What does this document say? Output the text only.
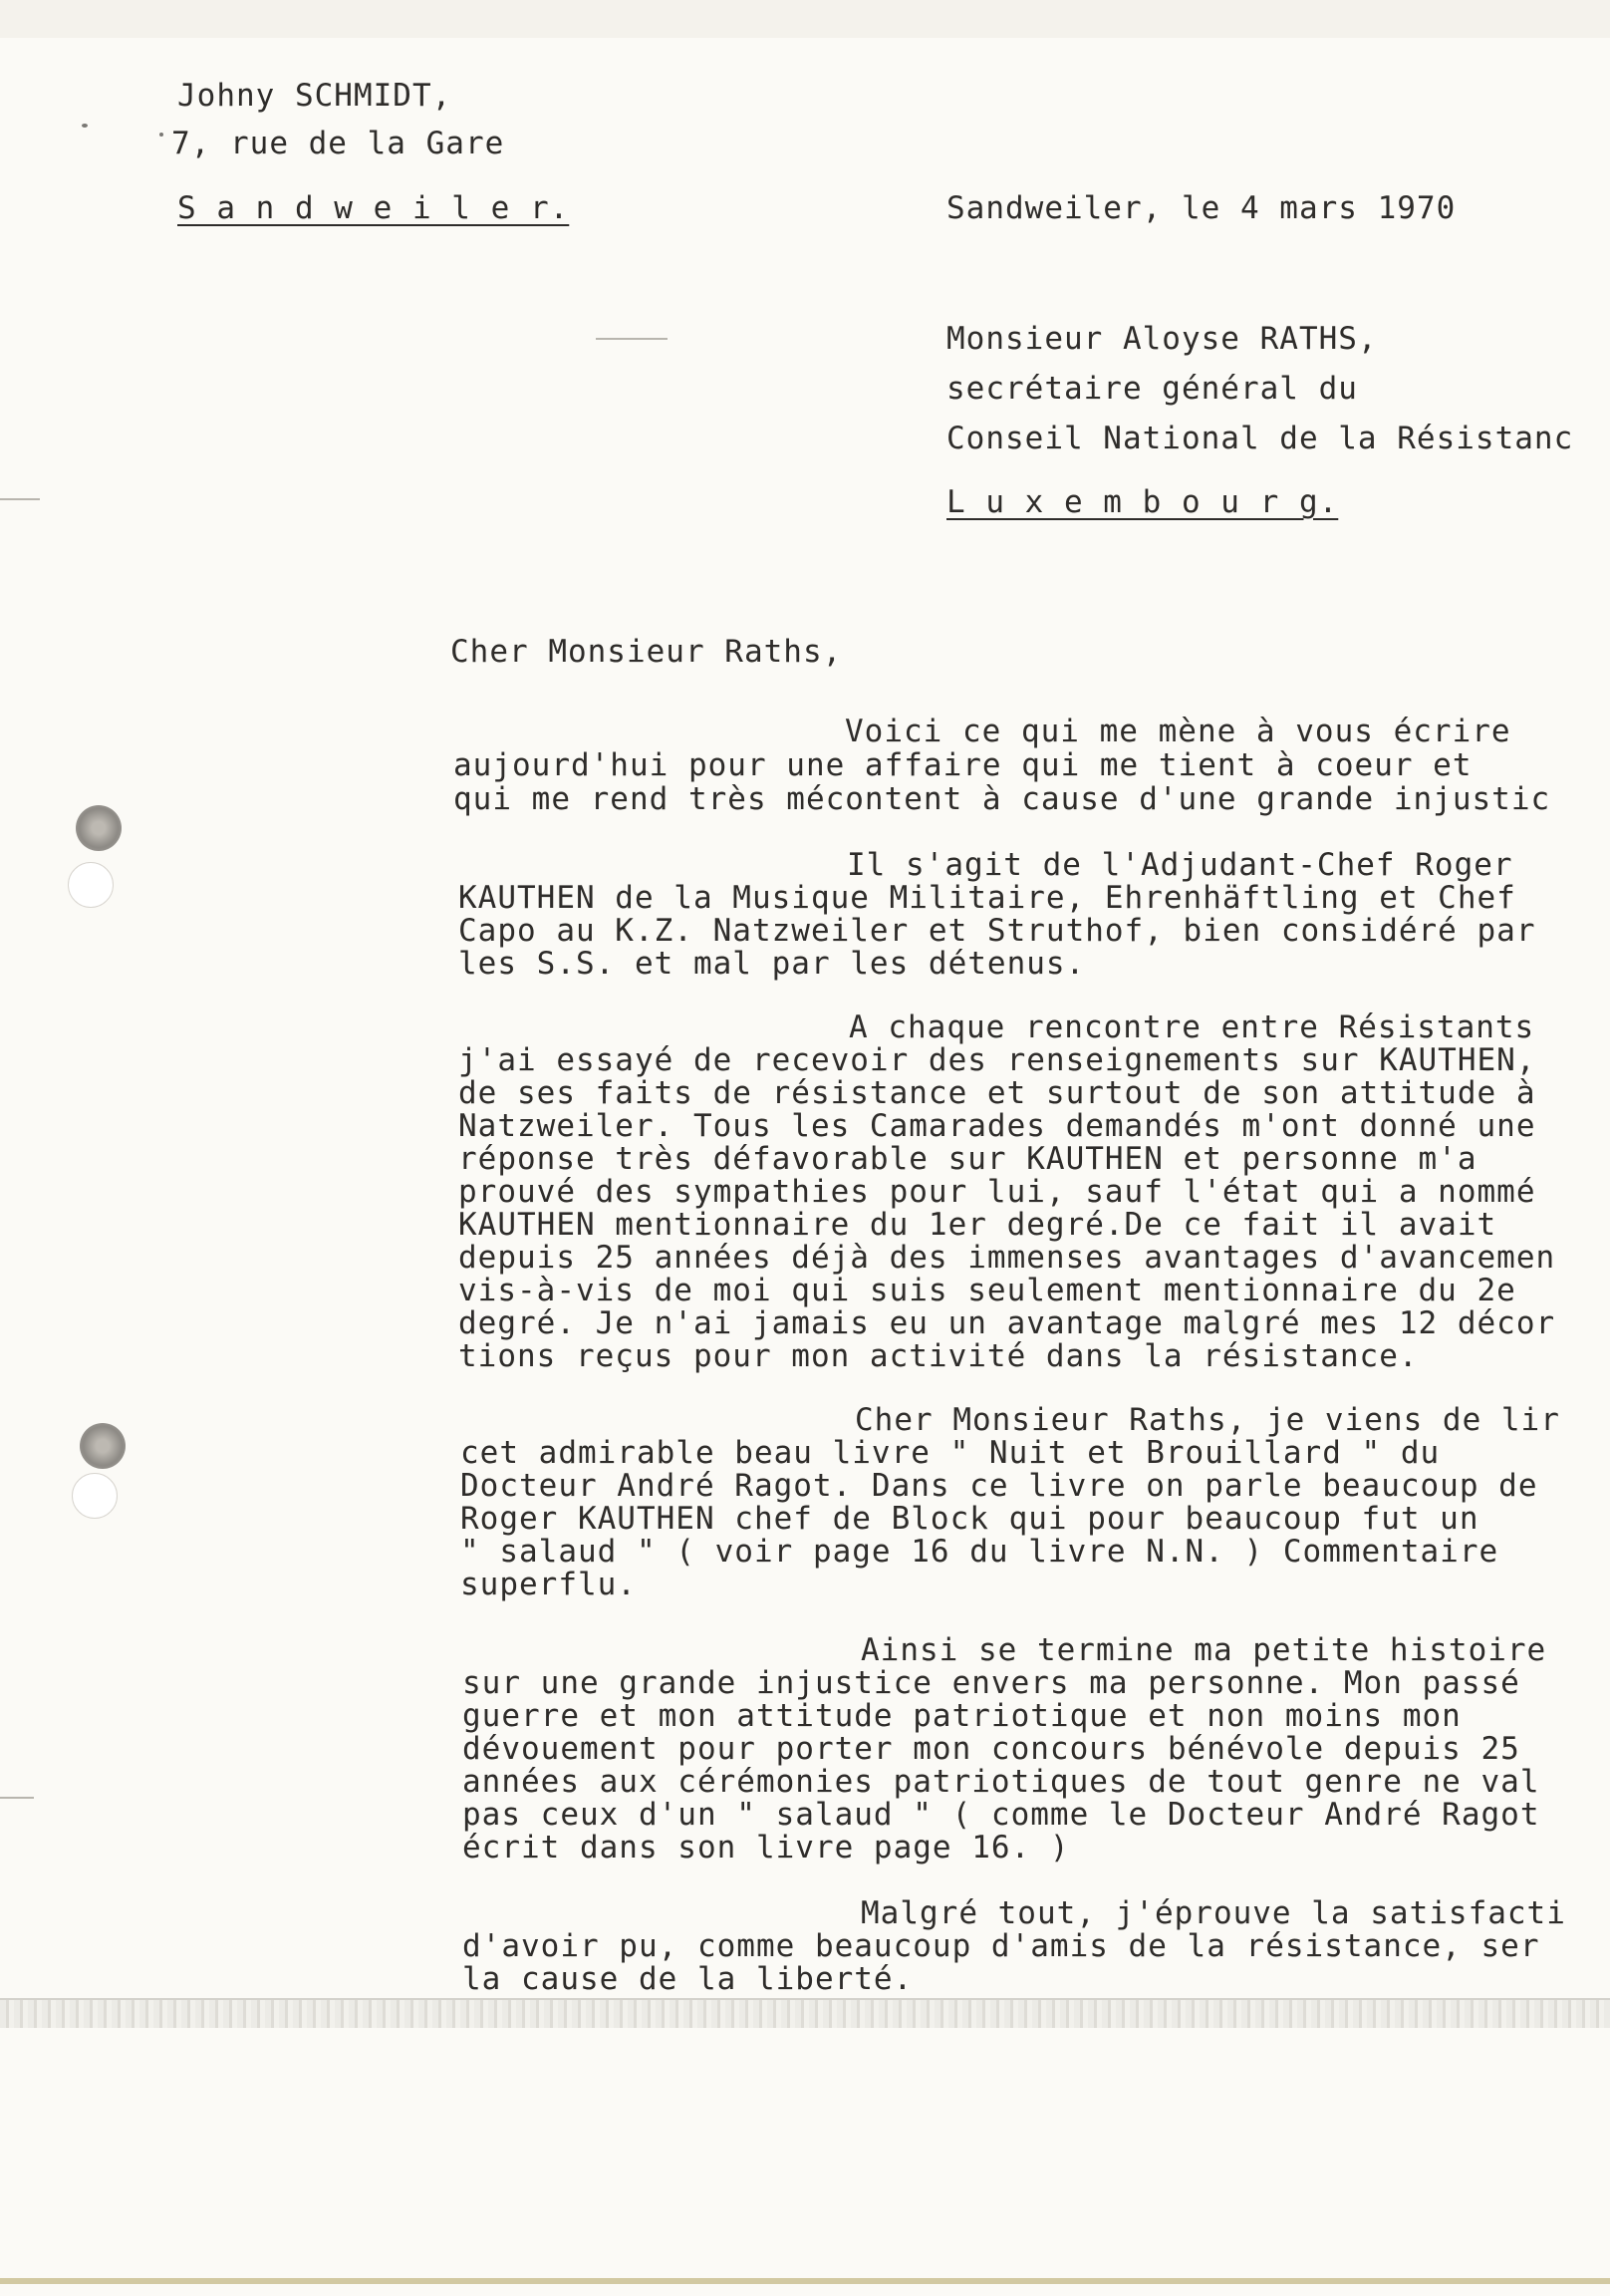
Johny SCHMIDT,
7, rue de la Gare
S a n d w e i l e r.	Sandweiler, le 4 mars 1970
Monsieur Aloyse RATHS,
secrétaire général du
Conseil National de la Résistanc
L u x e m b o u r g.
Cher Monsieur Raths,
Voici ce qui me mène à vous écrire
aujourd'hui pour une affaire qui me tient à coeur et
qui me rend très mécontent à cause d'une grande injustic
Il s'agit de l'Adjudant-Chef Roger
KAUTHEN de la Musique Militaire, Ehrenhäftling et Chef
Capo au K.Z. Natzweiler et Struthof, bien considéré par
les S.S. et mal par les détenus.
A chaque rencontre entre Résistants
j'ai essayé de recevoir des renseignements sur KAUTHEN,
de ses faits de résistance et surtout de son attitude à
Natzweiler. Tous les Camarades demandés m'ont donné une
réponse très défavorable sur KAUTHEN et personne m'a
prouvé des sympathies pour lui, sauf l'état qui a nommé
KAUTHEN mentionnaire du 1er degré.De ce fait il avait
depuis 25 années déjà des immenses avantages d'avancemen
vis-à-vis de moi qui suis seulement mentionnaire du 2e
degré. Je n'ai jamais eu un avantage malgré mes 12 décor
tions reçus pour mon activité dans la résistance.
Cher Monsieur Raths, je viens de lir
cet admirable beau livre " Nuit et Brouillard " du
Docteur André Ragot. Dans ce livre on parle beaucoup de
Roger KAUTHEN chef de Block qui pour beaucoup fut un
" salaud " ( voir page 16 du livre N.N. ) Commentaire
superflu.
Ainsi se termine ma petite histoire
sur une grande injustice envers ma personne. Mon passé
guerre et mon attitude patriotique et non moins mon
dévouement pour porter mon concours bénévole depuis 25
années aux cérémonies patriotiques de tout genre ne val
pas ceux d'un " salaud " ( comme le Docteur André Ragot
écrit dans son livre page 16. )
Malgré tout, j'éprouve la satisfacti
d'avoir pu, comme beaucoup d'amis de la résistance, ser
la cause de la liberté.
